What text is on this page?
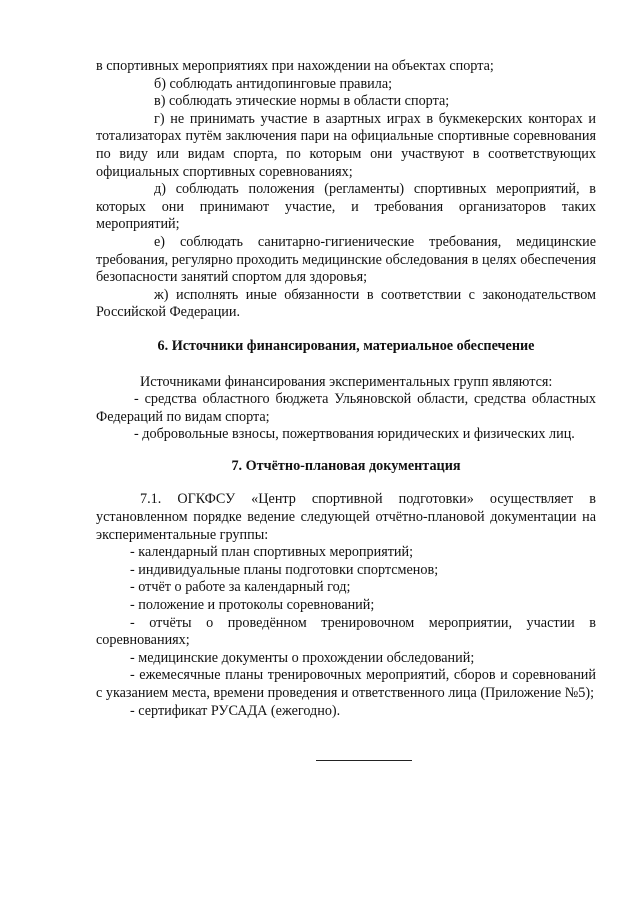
в спортивных мероприятиях при нахождении на объектах спорта;

б) соблюдать антидопинговые правила;

в) соблюдать этические нормы в области спорта;

г) не принимать участие в азартных играх в букмекерских конторах и тотализаторах путём заключения пари на официальные спортивные соревнования по виду или видам спорта, по которым они участвуют в соответствующих официальных спортивных соревнованиях;

д) соблюдать положения (регламенты) спортивных мероприятий, в которых они принимают участие, и требования организаторов таких мероприятий;

е) соблюдать санитарно-гигиенические требования, медицинские требования, регулярно проходить медицинские обследования в целях обеспечения безопасности занятий спортом для здоровья;

ж) исполнять иные обязанности в соответствии с законодательством Российской Федерации.

6. Источники финансирования, материальное обеспечение

Источниками финансирования экспериментальных групп являются:

- средства областного бюджета Ульяновской области, средства областных Федераций по видам спорта;

- добровольные взносы, пожертвования юридических и физических лиц.

7. Отчётно-плановая документация

7.1. ОГКФСУ «Центр спортивной подготовки» осуществляет в установленном порядке ведение следующей отчётно-плановой документации на экспериментальные группы:

- календарный план спортивных мероприятий;

- индивидуальные планы подготовки спортсменов;

- отчёт о работе за календарный год;

- положение и протоколы соревнований;

- отчёты о проведённом тренировочном мероприятии, участии в соревнованиях;

- медицинские документы о прохождении обследований;

- ежемесячные планы тренировочных мероприятий, сборов и соревнований с указанием места, времени проведения и ответственного лица (Приложение №5);

- сертификат РУСАДА (ежегодно).
